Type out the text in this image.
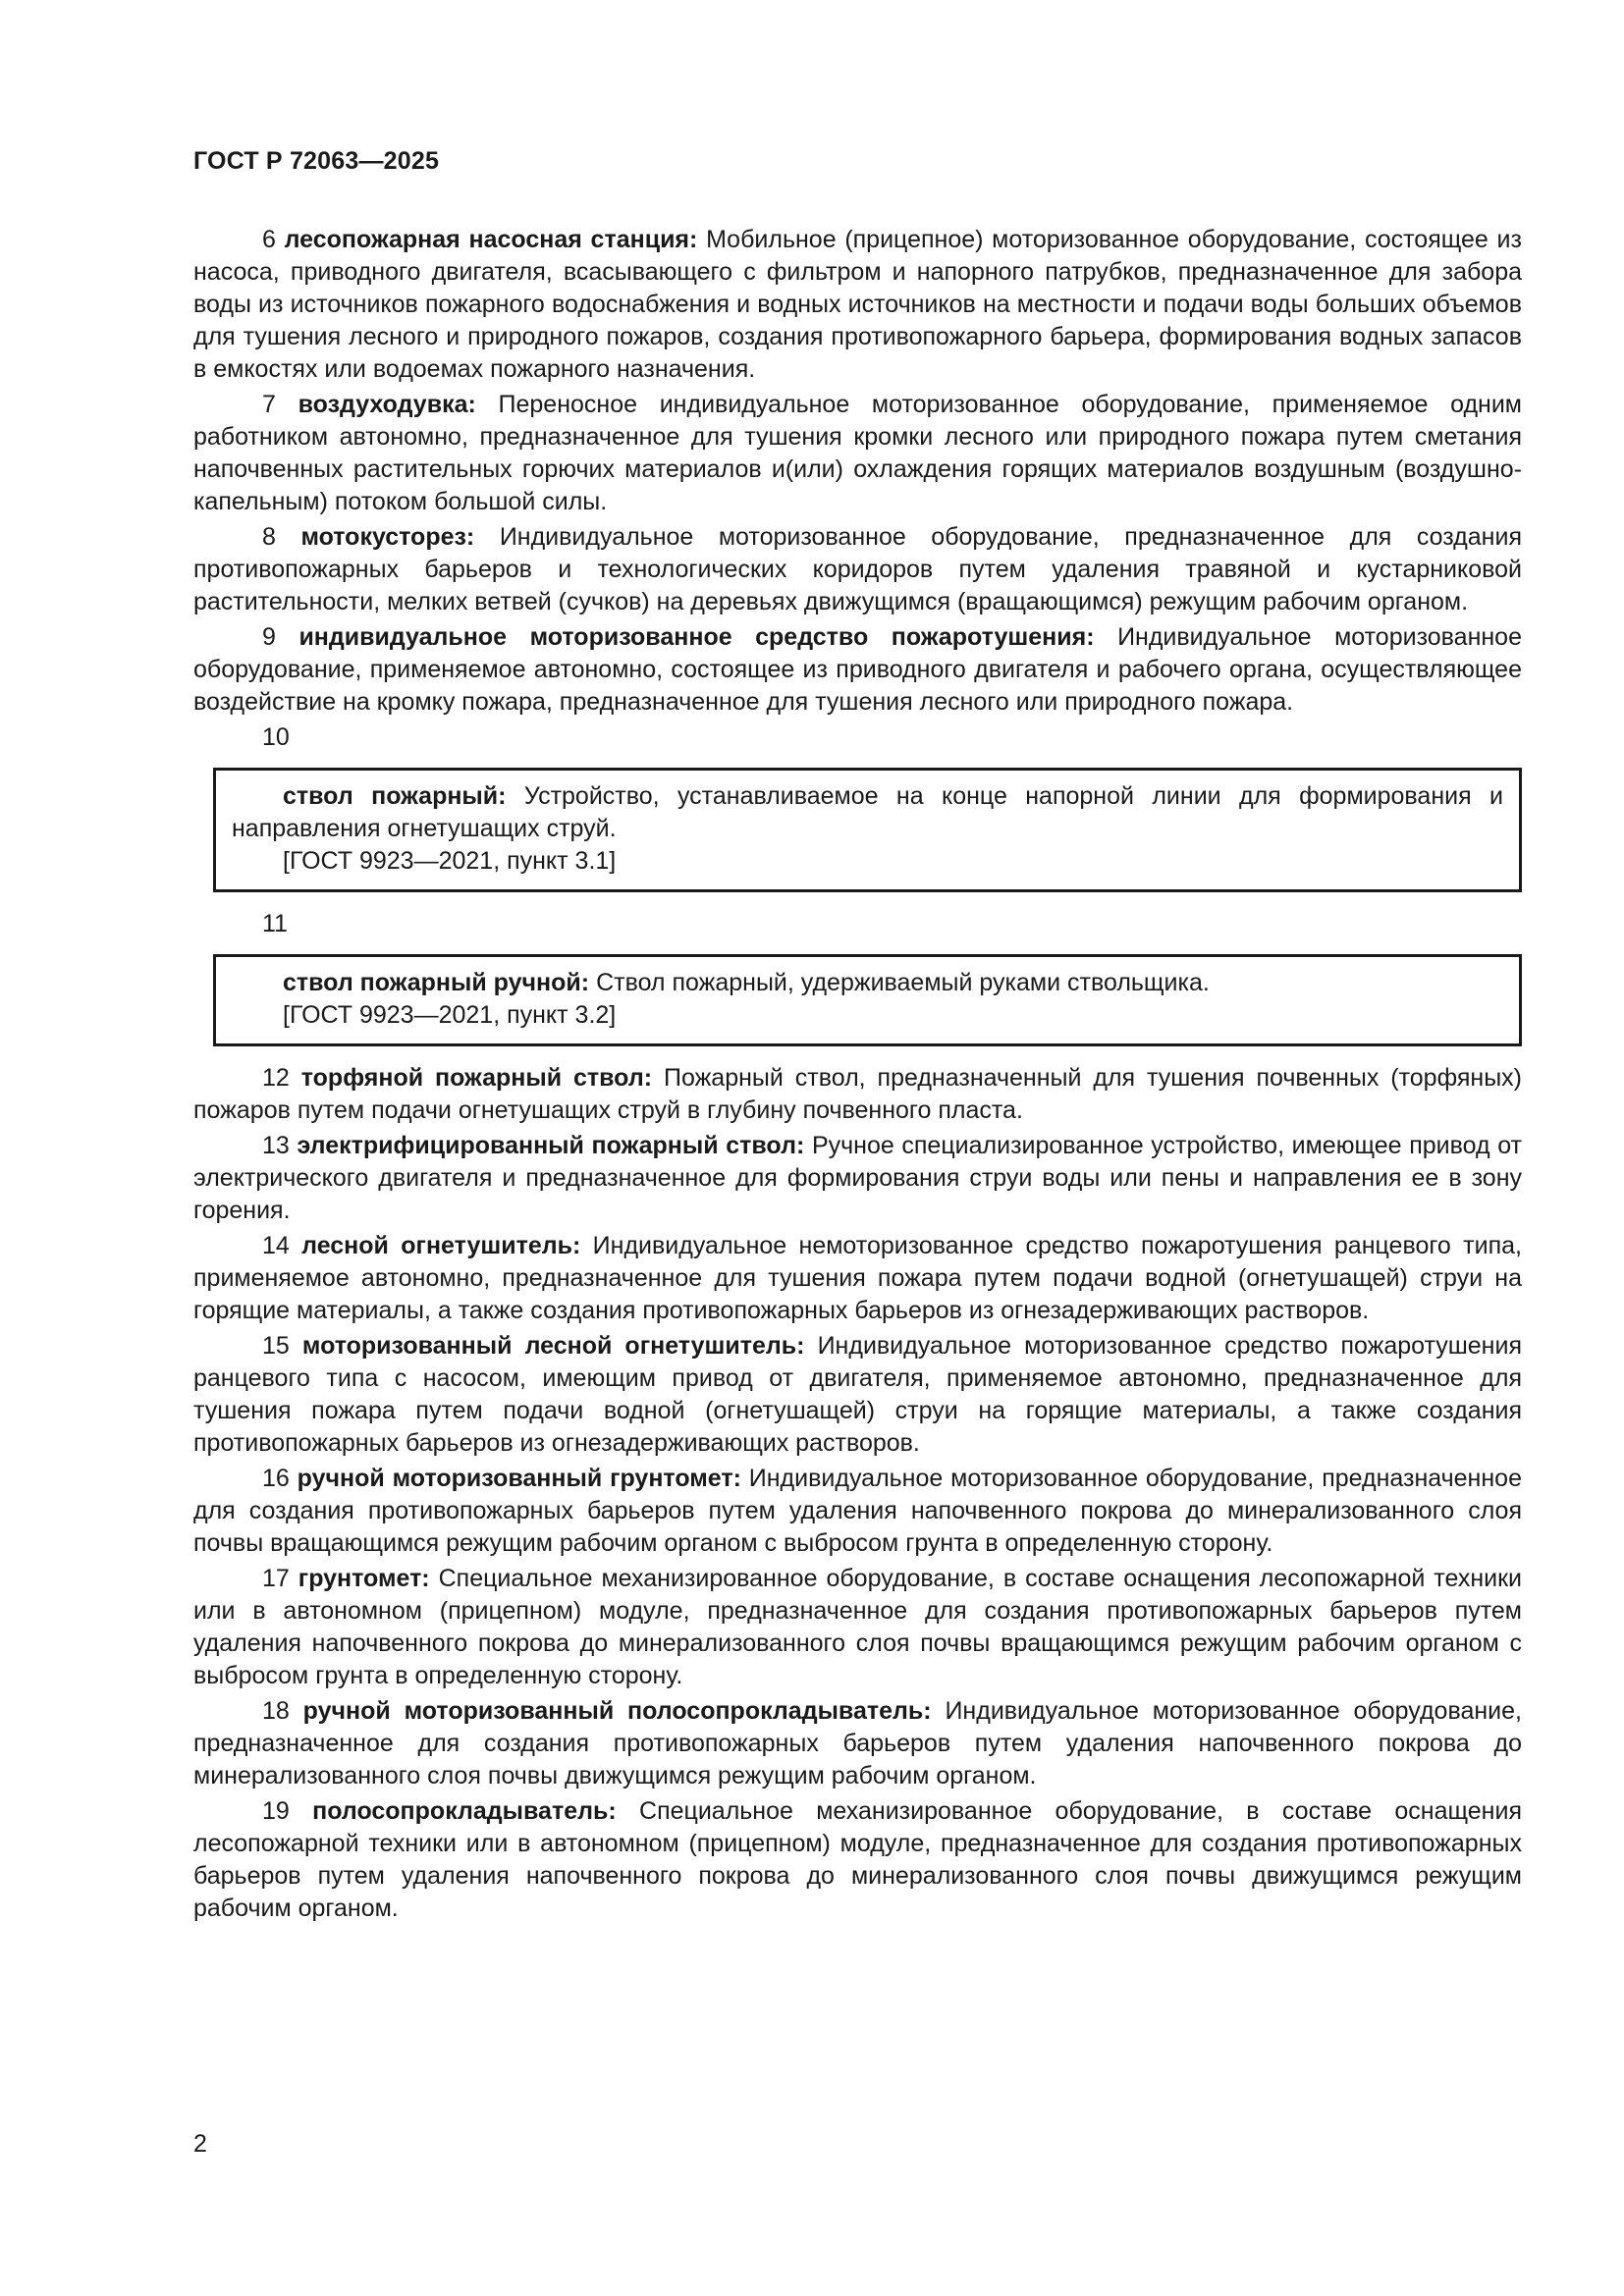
ГОСТ Р 72063—2025

6 лесопожарная насосная станция: Мобильное (прицепное) моторизованное оборудование, состоящее из насоса, приводного двигателя, всасывающего с фильтром и напорного патрубков, предназначенное для забора воды из источников пожарного водоснабжения и водных источников на местности и подачи воды больших объемов для тушения лесного и природного пожаров, создания противопожарного барьера, формирования водных запасов в емкостях или водоемах пожарного назначения.

7 воздуходувка: Переносное индивидуальное моторизованное оборудование, применяемое одним работником автономно, предназначенное для тушения кромки лесного или природного пожара путем сметания напочвенных растительных горючих материалов и(или) охлаждения горящих материалов воздушным (воздушно-капельным) потоком большой силы.

8 мотокусторез: Индивидуальное моторизованное оборудование, предназначенное для создания противопожарных барьеров и технологических коридоров путем удаления травяной и кустарниковой растительности, мелких ветвей (сучков) на деревьях движущимся (вращающимся) режущим рабочим органом.

9 индивидуальное моторизованное средство пожаротушения: Индивидуальное моторизованное оборудование, применяемое автономно, состоящее из приводного двигателя и рабочего органа, осуществляющее воздействие на кромку пожара, предназначенное для тушения лесного или природного пожара.

10

ствол пожарный: Устройство, устанавливаемое на конце напорной линии для формирования и направления огнетушащих струй.

[ГОСТ 9923—2021, пункт 3.1]
11

ствол пожарный ручной: Ствол пожарный, удерживаемый руками ствольщика.

[ГОСТ 9923—2021, пункт 3.2]

12 торфяной пожарный ствол: Пожарный ствол, предназначенный для тушения почвенных (торфяных) пожаров путем подачи огнетушащих струй в глубину почвенного пласта.

13 электрифицированный пожарный ствол: Ручное специализированное устройство, имеющее привод от электрического двигателя и предназначенное для формирования струи воды или пены и направления ее в зону горения.

14 лесной огнетушитель: Индивидуальное немоторизованное средство пожаротушения ранцевого типа, применяемое автономно, предназначенное для тушения пожара путем подачи водной (огнетушащей) струи на горящие материалы, а также создания противопожарных барьеров из огнезадерживающих растворов.

15 моторизованный лесной огнетушитель: Индивидуальное моторизованное средство пожаротушения ранцевого типа с насосом, имеющим привод от двигателя, применяемое автономно, предназначенное для тушения пожара путем подачи водной (огнетушащей) струи на горящие материалы, а также создания противопожарных барьеров из огнезадерживающих растворов.

16 ручной моторизованный грунтомет: Индивидуальное моторизованное оборудование, предназначенное для создания противопожарных барьеров путем удаления напочвенного покрова до минерализованного слоя почвы вращающимся режущим рабочим органом с выбросом грунта в определенную сторону.

17 грунтомет: Специальное механизированное оборудование, в составе оснащения лесопожарной техники или в автономном (прицепном) модуле, предназначенное для создания противопожарных барьеров путем удаления напочвенного покрова до минерализованного слоя почвы вращающимся режущим рабочим органом с выбросом грунта в определенную сторону.

18 ручной моторизованный полосопрокладыватель: Индивидуальное моторизованное оборудование, предназначенное для создания противопожарных барьеров путем удаления напочвенного покрова до минерализованного слоя почвы движущимся режущим рабочим органом.

19 полосопрокладыватель: Специальное механизированное оборудование, в составе оснащения лесопожарной техники или в автономном (прицепном) модуле, предназначенное для создания противопожарных барьеров путем удаления напочвенного покрова до минерализованного слоя почвы движущимся режущим рабочим органом.

2
